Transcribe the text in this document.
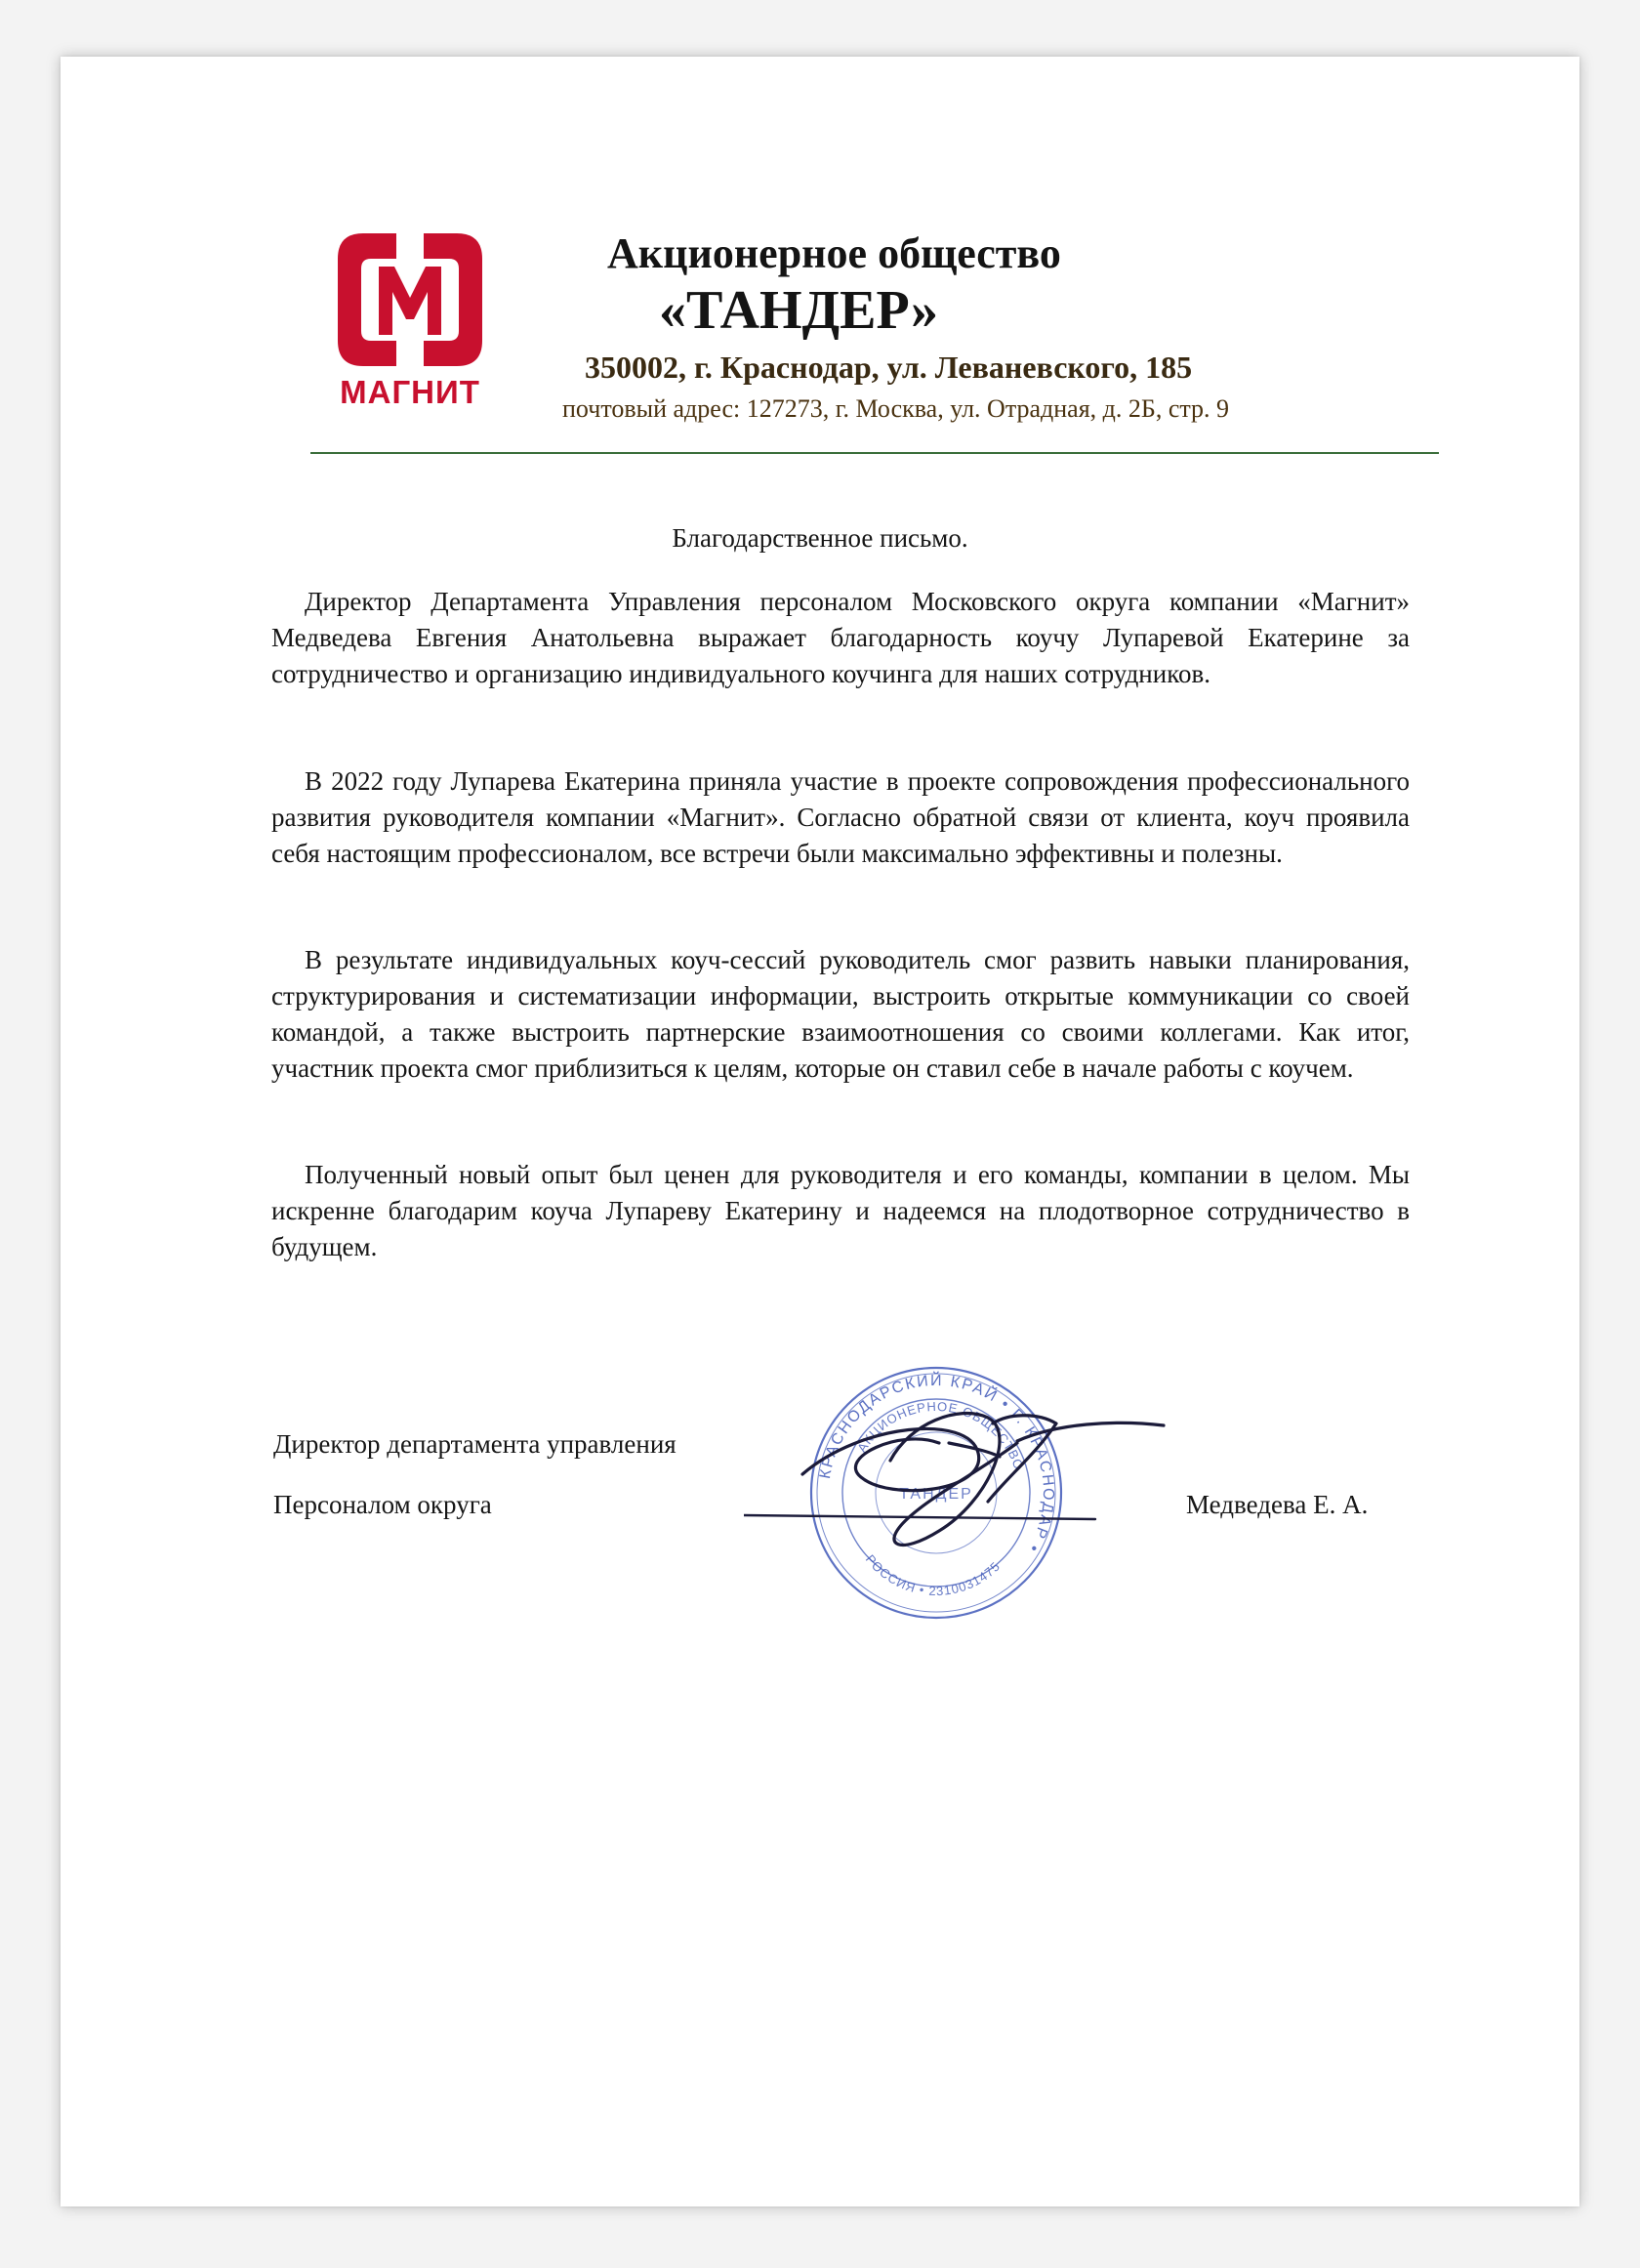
МАГНИТ
Акционерное общество
«ТАНДЕР»
350002, г. Краснодар, ул. Леваневского, 185
почтовый адрес: 127273, г. Москва, ул. Отрадная, д. 2Б, стр. 9
Благодарственное письмо.
Директор Департамента Управления персоналом Московского округа компании «Магнит» Медведева Евгения Анатольевна выражает благодарность коучу Лупаревой Екатерине за сотрудничество и организацию индивидуального коучинга для наших сотрудников.
В 2022 году Лупарева Екатерина приняла участие в проекте сопровождения профессионального развития руководителя компании «Магнит». Согласно обратной связи от клиента, коуч проявила себя настоящим профессионалом, все встречи были максимально эффективны и полезны.
В результате индивидуальных коуч-сессий руководитель смог развить навыки планирования, структурирования и систематизации информации, выстроить открытые коммуникации со своей командой, а также выстроить партнерские взаимоотношения со своими коллегами. Как итог, участник проекта смог приблизиться к целям, которые он ставил себе в начале работы с коучем.
Полученный новый опыт был ценен для руководителя и его команды, компании в целом. Мы искренне благодарим коуча Лупареву Екатерину и надеемся на плодотворное сотрудничество в будущем.
Директор департамента управления
Персоналом округа	Медведева Е. А.
КРАСНОДАРСКИЙ КРАЙ • Г. КРАСНОДАР •
АКЦИОНЕРНОЕ ОБЩЕСТВО
РОССИЯ • 2310031475
ТАНДЕР
